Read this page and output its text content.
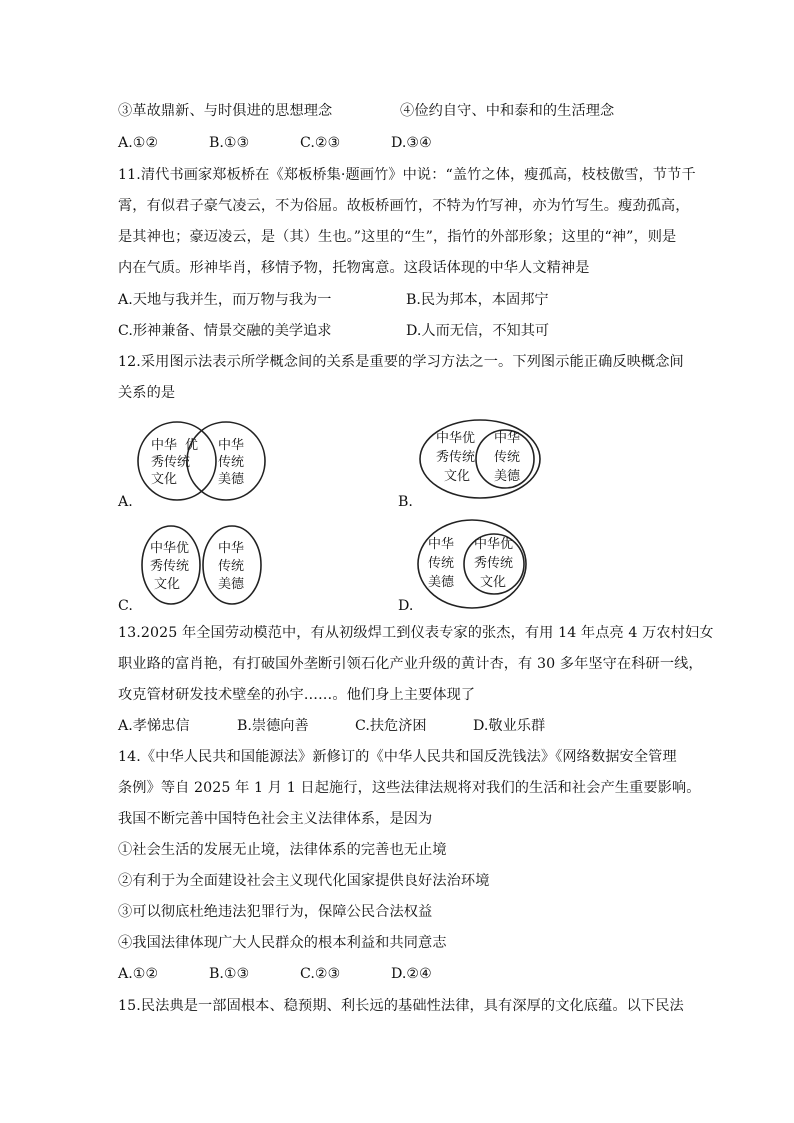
③革故鼎新、与时俱进的思想理念	④俭约自守、中和泰和的生活理念
A.①②	B.①③	C.②③	D.③④
11.清代书画家郑板桥在《郑板桥集·题画竹》中说：“盖竹之体，瘦孤高，枝枝傲雪，节节千
霄，有似君子豪气凌云，不为俗屈。故板桥画竹，不特为竹写神，亦为竹写生。瘦劲孤高，
是其神也；豪迈凌云，是（其）生也。”这里的“生”，指竹的外部形象；这里的“神”，则是
内在气质。形神毕肖，移情予物，托物寓意。这段话体现的中华人文精神是
A.天地与我并生，而万物与我为一	B.民为邦本，本固邦宁
C.形神兼备、情景交融的美学追求	D.人而无信，不知其可
12.采用图示法表示所学概念间的关系是重要的学习方法之一。下列图示能正确反映概念间
关系的是
中华 优 秀传统 文化 中华 传统 美德
A.
中华优 秀传统 文化 中华 传统 美德
B.
中华优 秀传统 文化 中华 传统 美德
C.
中华 传统 美德 中华优 秀传统 文化
D.
13.2025 年全国劳动模范中，有从初级焊工到仪表专家的张杰，有用 14 年点亮 4 万农村妇女
职业路的富肖艳，有打破国外垄断引领石化产业升级的黄计杏，有 30 多年坚守在科研一线，
攻克管材研发技术壁垒的孙宇……。他们身上主要体现了
A.孝悌忠信	B.崇德向善	C.扶危济困	D.敬业乐群
14.《中华人民共和国能源法》新修订的《中华人民共和国反洗钱法》《网络数据安全管理
条例》等自 2025 年 1 月 1 日起施行，这些法律法规将对我们的生活和社会产生重要影响。
我国不断完善中国特色社会主义法律体系，是因为
①社会生活的发展无止境，法律体系的完善也无止境
②有利于为全面建设社会主义现代化国家提供良好法治环境
③可以彻底杜绝违法犯罪行为，保障公民合法权益
④我国法律体现广大人民群众的根本利益和共同意志
A.①②	B.①③	C.②③	D.②④
15.民法典是一部固根本、稳预期、利长远的基础性法律，具有深厚的文化底蕴。以下民法
